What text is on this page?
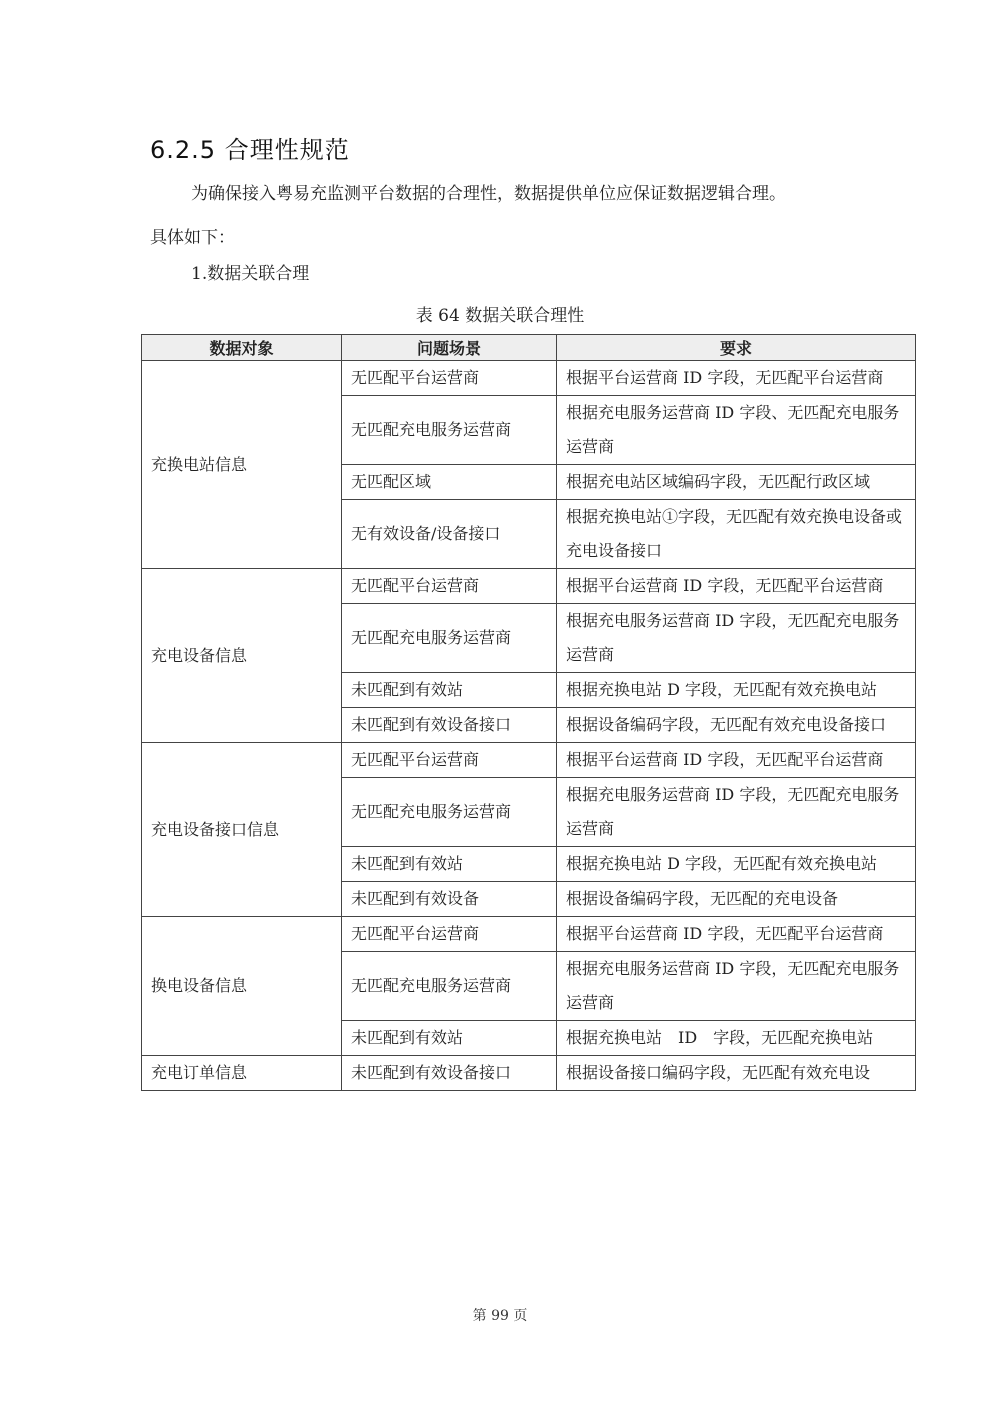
6.2.5 合理性规范
为确保接入粤易充监测平台数据的合理性，数据提供单位应保证数据逻辑合理。
具体如下：
1.数据关联合理
表 64 数据关联合理性
数据对象	问题场景	要求
充换电站信息	无匹配平台运营商	根据平台运营商 ID 字段，无匹配平台运营商
	无匹配充电服务运营商	根据充电服务运营商 ID 字段、无匹配充电服务运营商
	无匹配区域	根据充电站区域编码字段，无匹配行政区域
	无有效设备/设备接口	根据充换电站①字段，无匹配有效充换电设备或 充电设备接口
充电设备信息	无匹配平台运营商	根据平台运营商 ID 字段，无匹配平台运营商
	无匹配充电服务运营商	根据充电服务运营商 ID 字段，无匹配充电服务运营商
	未匹配到有效站	根据充换电站 D 字段，无匹配有效充换电站
	未匹配到有效设备接口	根据设备编码字段，无匹配有效充电设备接口
充电设备接口信息	无匹配平台运营商	根据平台运营商 ID 字段，无匹配平台运营商
	无匹配充电服务运营商	根据充电服务运营商 ID 字段，无匹配充电服务运营商
	未匹配到有效站	根据充换电站 D 字段，无匹配有效充换电站
	未匹配到有效设备	根据设备编码字段，无匹配的充电设备
换电设备信息	无匹配平台运营商	根据平台运营商 ID 字段，无匹配平台运营商
	无匹配充电服务运营商	根据充电服务运营商 ID 字段，无匹配充电服务运营商
	未匹配到有效站	根据充换电站　ID　字段，无匹配充换电站
充电订单信息	未匹配到有效设备接口	根据设备接口编码字段，无匹配有效充电设
第 99 页
